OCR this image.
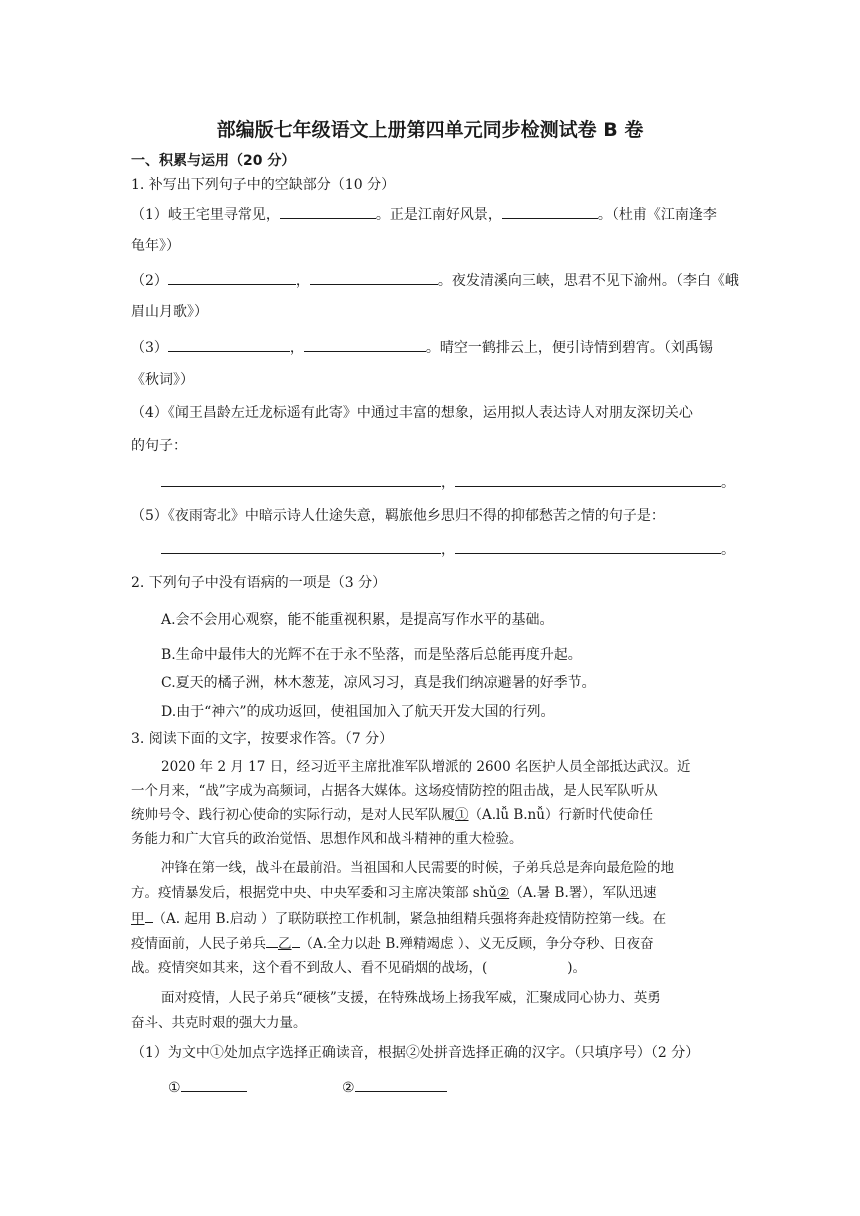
部编版七年级语文上册第四单元同步检测试卷 B 卷
一、积累与运用（20 分）
1. 补写出下列句子中的空缺部分（10 分）
（1）岐王宅里寻常见，	。正是江南好风景，	。（杜甫《江南逢李
龟年》）
（2）	，	。夜发清溪向三峡，思君不见下渝州。（李白《峨
眉山月歌》）
（3）	，	。晴空一鹤排云上，便引诗情到碧宵。（刘禹锡
《秋词》）
（4）《闻王昌龄左迁龙标遥有此寄》中通过丰富的想象，运用拟人表达诗人对朋友深切关心
的句子：
，	。
（5）《夜雨寄北》中暗示诗人仕途失意，羁旅他乡思归不得的抑郁愁苦之情的句子是：
，	。
2. 下列句子中没有语病的一项是（3 分）
A.会不会用心观察，能不能重视积累，是提高写作水平的基础。
B.生命中最伟大的光辉不在于永不坠落，而是坠落后总能再度升起。
C.夏天的橘子洲，林木葱茏，凉风习习，真是我们纳凉避暑的好季节。
D.由于“神六”的成功返回，使祖国加入了航天开发大国的行列。
3. 阅读下面的文字，按要求作答。（7 分）
2020 年 2 月 17 日，经习近平主席批准军队增派的 2600 名医护人员全部抵达武汉。近
一个月来，“战”字成为高频词，占据各大媒体。这场疫情防控的阻击战，是人民军队听从
统帅号令、践行初心使命的实际行动，是对人民军队履①（A.lǚ B.nǚ）行新时代使命任
务能力和广大官兵的政治觉悟、思想作风和战斗精神的重大检验。
冲锋在第一线，战斗在最前沿。当祖国和人民需要的时候，子弟兵总是奔向最危险的地
方。疫情暴发后，根据党中央、中央军委和习主席决策部 shǔ②（A.暑 B.署），军队迅速
甲 （A. 起用 B.启动 ）了联防联控工作机制，紧急抽组精兵强将奔赴疫情防控第一线。在
疫情面前，人民子弟兵 乙 （A.全力以赴 B.殚精竭虑 ）、义无反顾，争分夺秒、日夜奋
战。疫情突如其来，这个看不到敌人、看不见硝烟的战场，(	)。
面对疫情，人民子弟兵“硬核”支援，在特殊战场上扬我军威，汇聚成同心协力、英勇
奋斗、共克时艰的强大力量。
（1）为文中①处加点字选择正确读音，根据②处拼音选择正确的汉字。（只填序号）（2 分）
①	②
